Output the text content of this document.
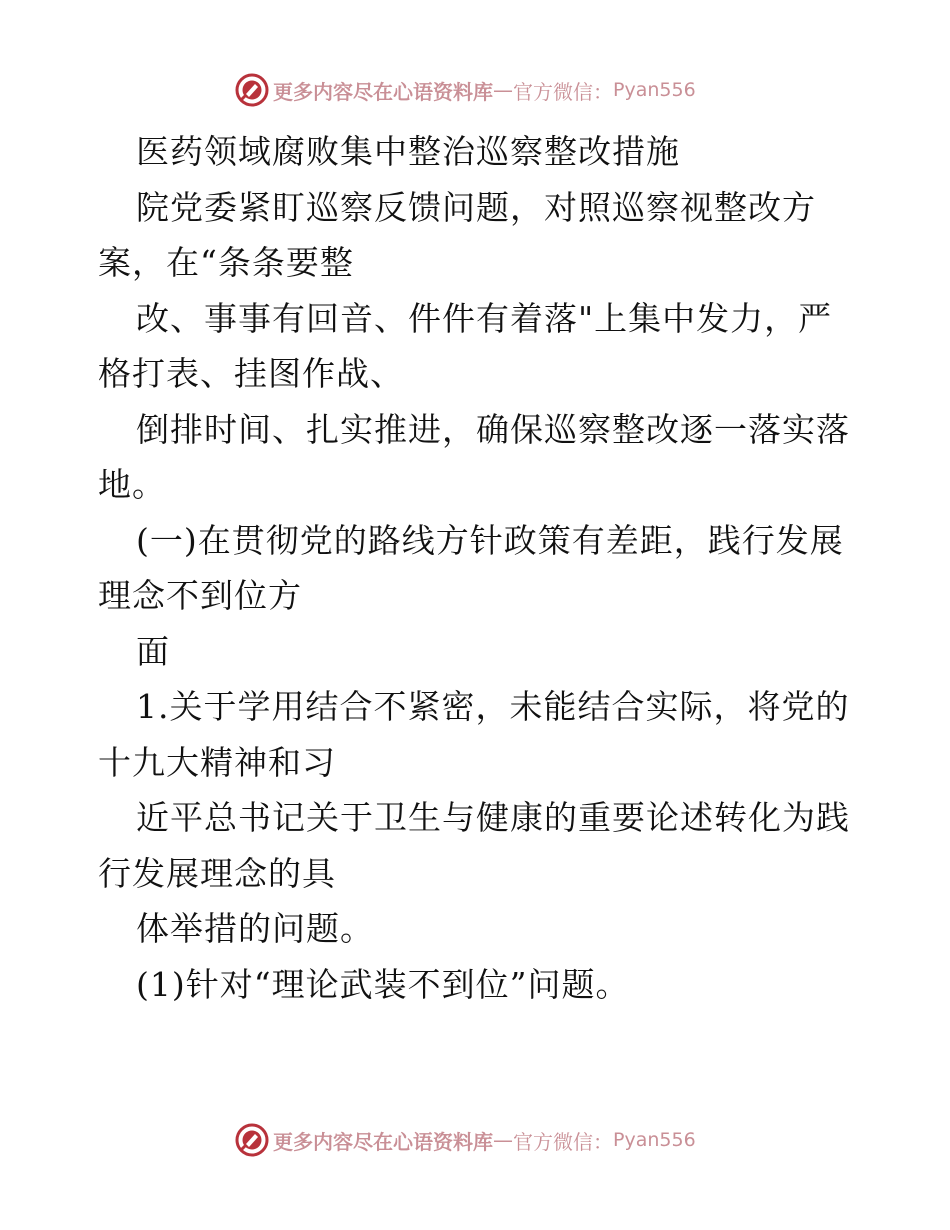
更多内容尽在心语资料库 — 官方微信： Pyan556
医药领域腐败集中整治巡察整改措施
院党委紧盯巡察反馈问题，对照巡察视整改方
案，在“条条要整
改、事事有回音、件件有着落"上集中发力，严
格打表、挂图作战、
倒排时间、扎实推进，确保巡察整改逐一落实落
地。
(一)在贯彻党的路线方针政策有差距，践行发展
理念不到位方
面
1.关于学用结合不紧密，未能结合实际，将党的
十九大精神和习
近平总书记关于卫生与健康的重要论述转化为践
行发展理念的具
体举措的问题。
(1)针对“理论武装不到位”问题。
更多内容尽在心语资料库 — 官方微信： Pyan556
